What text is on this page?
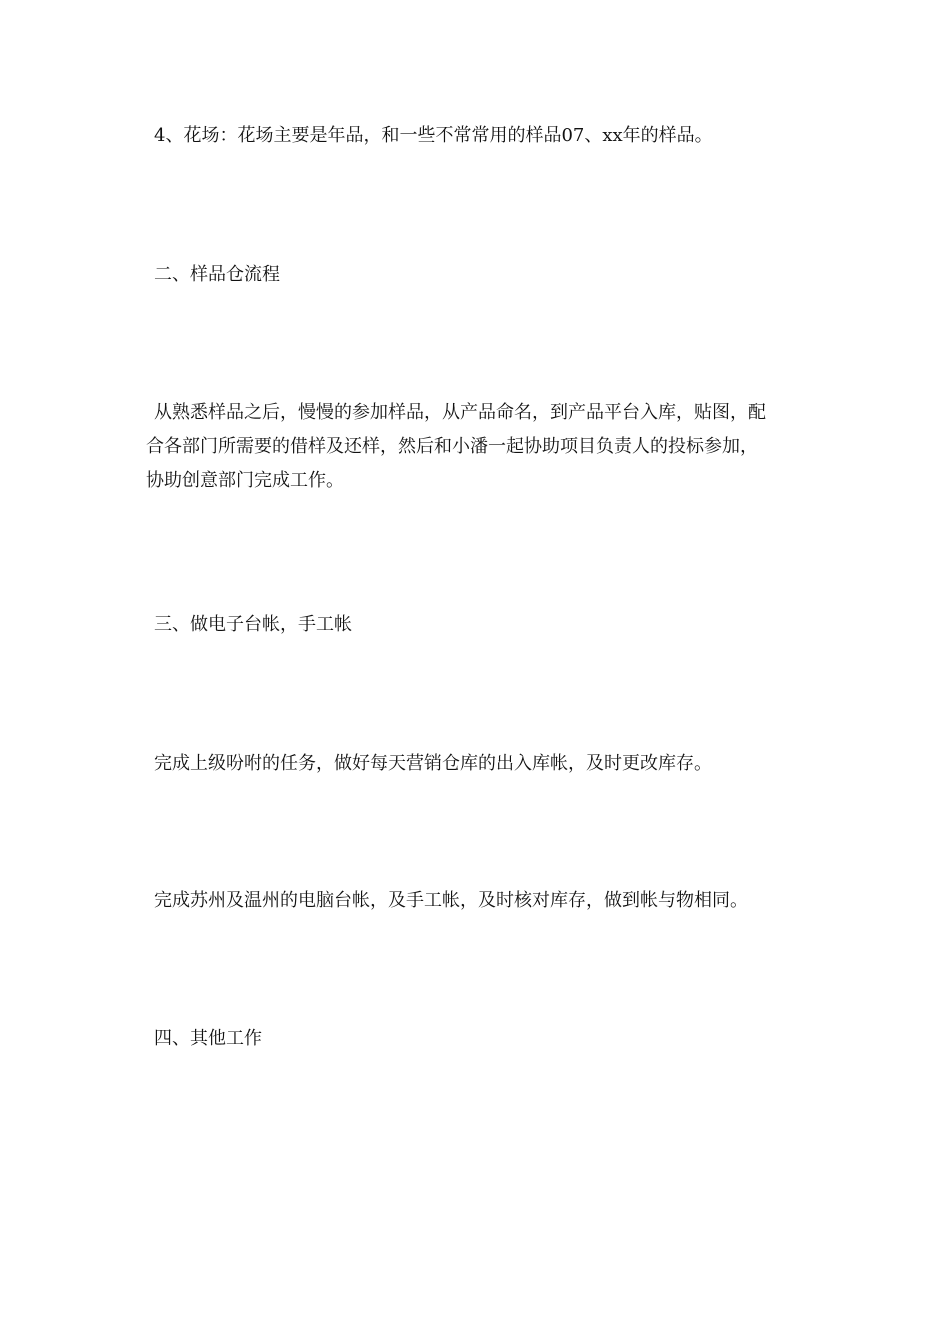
4、花场：花场主要是年品，和一些不常常用的样品07、xx年的样品。
二、样品仓流程
从熟悉样品之后，慢慢的参加样品，从产品命名，到产品平台入库，贴图，配
合各部门所需要的借样及还样，然后和小潘一起协助项目负责人的投标参加，
协助创意部门完成工作。
三、做电子台帐，手工帐
完成上级吩咐的任务，做好每天营销仓库的出入库帐，及时更改库存。
完成苏州及温州的电脑台帐，及手工帐，及时核对库存，做到帐与物相同。
四、其他工作
